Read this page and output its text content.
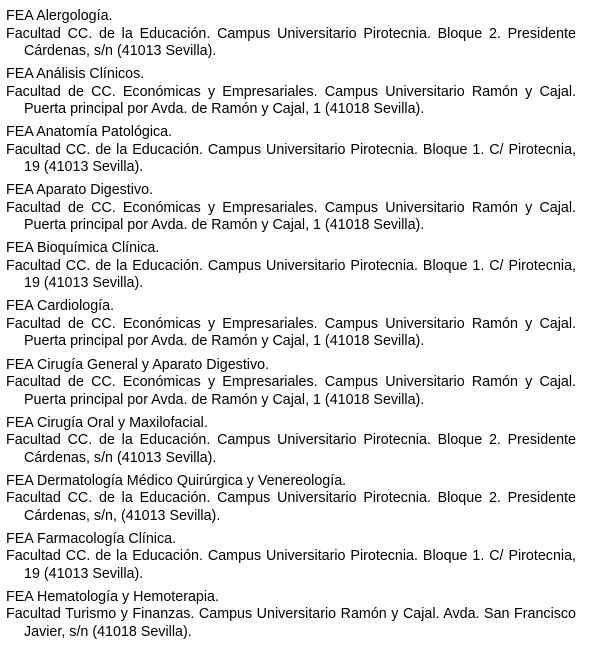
FEA Alergología.
Facultad CC. de la Educación. Campus Universitario Pirotecnia. Bloque 2. Presidente Cárdenas, s/n (41013 Sevilla).
FEA Análisis Clínicos.
Facultad de CC. Económicas y Empresariales. Campus Universitario Ramón y Cajal. Puerta principal por Avda. de Ramón y Cajal, 1 (41018 Sevilla).
FEA Anatomía Patológica.
Facultad CC. de la Educación. Campus Universitario Pirotecnia. Bloque 1. C/ Pirotecnia, 19 (41013 Sevilla).
FEA Aparato Digestivo.
Facultad de CC. Económicas y Empresariales. Campus Universitario Ramón y Cajal. Puerta principal por Avda. de Ramón y Cajal, 1 (41018 Sevilla).
FEA Bioquímica Clínica.
Facultad CC. de la Educación. Campus Universitario Pirotecnia. Bloque 1. C/ Pirotecnia, 19 (41013 Sevilla).
FEA Cardiología.
Facultad de CC. Económicas y Empresariales. Campus Universitario Ramón y Cajal. Puerta principal por Avda. de Ramón y Cajal, 1 (41018 Sevilla).
FEA Cirugía General y Aparato Digestivo.
Facultad de CC. Económicas y Empresariales. Campus Universitario Ramón y Cajal. Puerta principal por Avda. de Ramón y Cajal, 1 (41018 Sevilla).
FEA Cirugía Oral y Maxilofacial.
Facultad CC. de la Educación. Campus Universitario Pirotecnia. Bloque 2. Presidente Cárdenas, s/n (41013 Sevilla).
FEA Dermatología Médico Quirúrgica y Venereología.
Facultad CC. de la Educación. Campus Universitario Pirotecnia. Bloque 2. Presidente Cárdenas, s/n, (41013 Sevilla).
FEA Farmacología Clínica.
Facultad CC. de la Educación. Campus Universitario Pirotecnia. Bloque 1. C/ Pirotecnia, 19 (41013 Sevilla).
FEA Hematología y Hemoterapia.
Facultad Turismo y Finanzas. Campus Universitario Ramón y Cajal. Avda. San Francisco Javier, s/n (41018 Sevilla).
